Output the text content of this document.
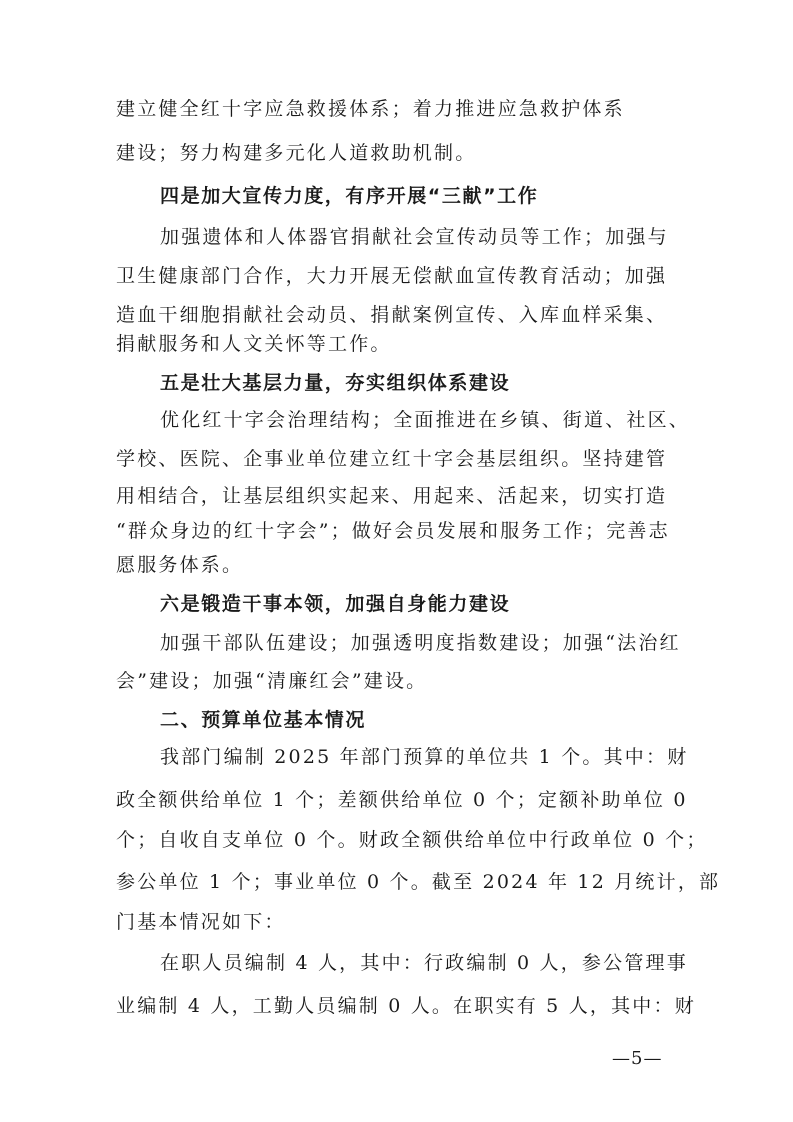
建立健全红十字应急救援体系；着力推进应急救护体系
建设；努力构建多元化人道救助机制。
四是加大宣传力度，有序开展“三献”工作
加强遗体和人体器官捐献社会宣传动员等工作；加强与
卫生健康部门合作，大力开展无偿献血宣传教育活动；加强
造血干细胞捐献社会动员、捐献案例宣传、入库血样采集、
捐献服务和人文关怀等工作。
五是壮大基层力量，夯实组织体系建设
优化红十字会治理结构；全面推进在乡镇、街道、社区、
学校、医院、企事业单位建立红十字会基层组织。坚持建管
用相结合，让基层组织实起来、用起来、活起来，切实打造
“群众身边的红十字会”；做好会员发展和服务工作；完善志
愿服务体系。
六是锻造干事本领，加强自身能力建设
加强干部队伍建设；加强透明度指数建设；加强“法治红
会”建设；加强“清廉红会”建设。
二、预算单位基本情况
我部门编制 2025 年部门预算的单位共 1 个。其中：财
政全额供给单位 1 个；差额供给单位 0 个；定额补助单位 0
个；自收自支单位 0 个。财政全额供给单位中行政单位 0 个；
参公单位 1 个；事业单位 0 个。截至 2024 年 12 月统计，部
门基本情况如下：
在职人员编制 4 人，其中：行政编制 0 人，参公管理事
业编制 4 人，工勤人员编制 0 人。在职实有 5 人，其中：财
—5—
